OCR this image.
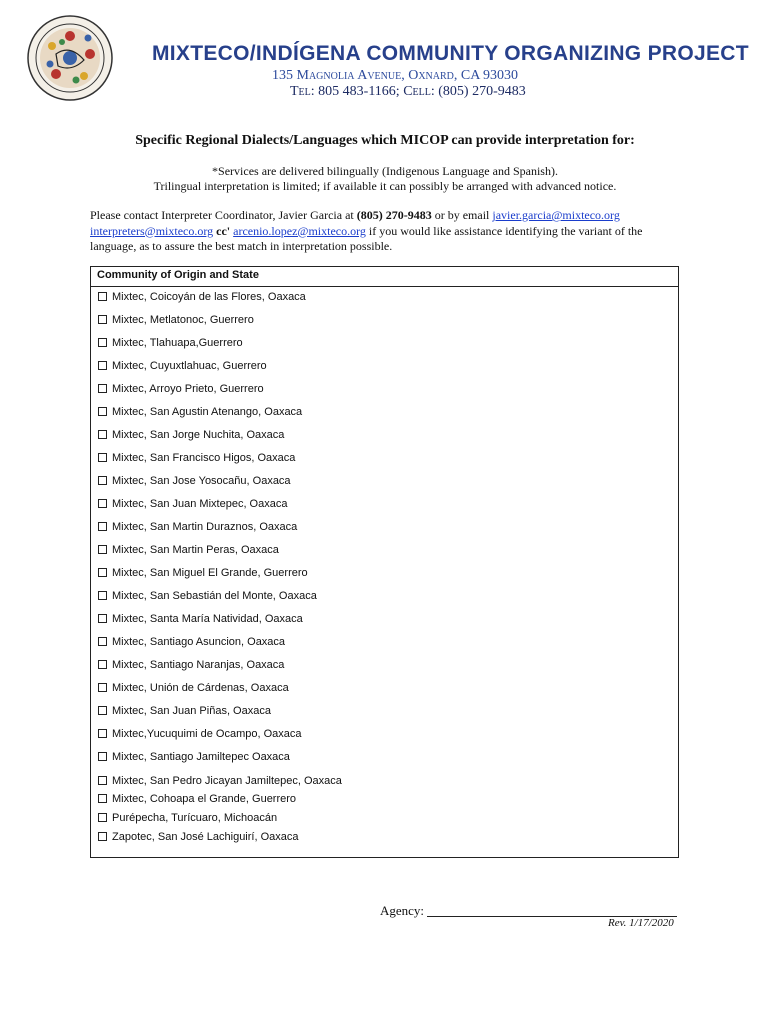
MIXTECO/INDÍGENA COMMUNITY ORGANIZING PROJECT
135 Magnolia Avenue, Oxnard, CA 93030
Tel: 805 483-1166; Cell: (805) 270-9483
Specific Regional Dialects/Languages which MICOP can provide interpretation for:
*Services are delivered bilingually (Indigenous Language and Spanish).
Trilingual interpretation is limited; if available it can possibly be arranged with advanced notice.
Please contact Interpreter Coordinator, Javier Garcia at (805) 270-9483 or by email javier.garcia@mixteco.org
interpreters@mixteco.org cc' arcenio.lopez@mixteco.org if you would like assistance identifying the variant of the language, as to assure the best match in interpretation possible.
Community of Origin and State
Mixtec, Coicoyán de las Flores, Oaxaca
Mixtec, Metlatonoc, Guerrero
Mixtec, Tlahuapa,Guerrero
Mixtec, Cuyuxtlahuac, Guerrero
Mixtec, Arroyo Prieto, Guerrero
Mixtec, San Agustin Atenango, Oaxaca
Mixtec, San Jorge Nuchita, Oaxaca
Mixtec, San Francisco Higos, Oaxaca
Mixtec, San Jose Yosocañu, Oaxaca
Mixtec, San Juan Mixtepec, Oaxaca
Mixtec, San Martin Duraznos, Oaxaca
Mixtec, San Martin Peras, Oaxaca
Mixtec, San Miguel El Grande, Guerrero
Mixtec, San Sebastián del Monte, Oaxaca
Mixtec, Santa María Natividad, Oaxaca
Mixtec, Santiago Asuncion, Oaxaca
Mixtec, Santiago Naranjas, Oaxaca
Mixtec, Unión de Cárdenas, Oaxaca
Mixtec, San Juan Piñas, Oaxaca
Mixtec,Yucuquimi de Ocampo, Oaxaca
Mixtec, Santiago Jamiltepec Oaxaca
Mixtec, San Pedro Jicayan Jamiltepec, Oaxaca
Mixtec, Cohoapa el Grande, Guerrero
Purépecha, Turícuaro, Michoacán
Zapotec, San José Lachiguirí, Oaxaca
Agency:
Rev. 1/17/2020
